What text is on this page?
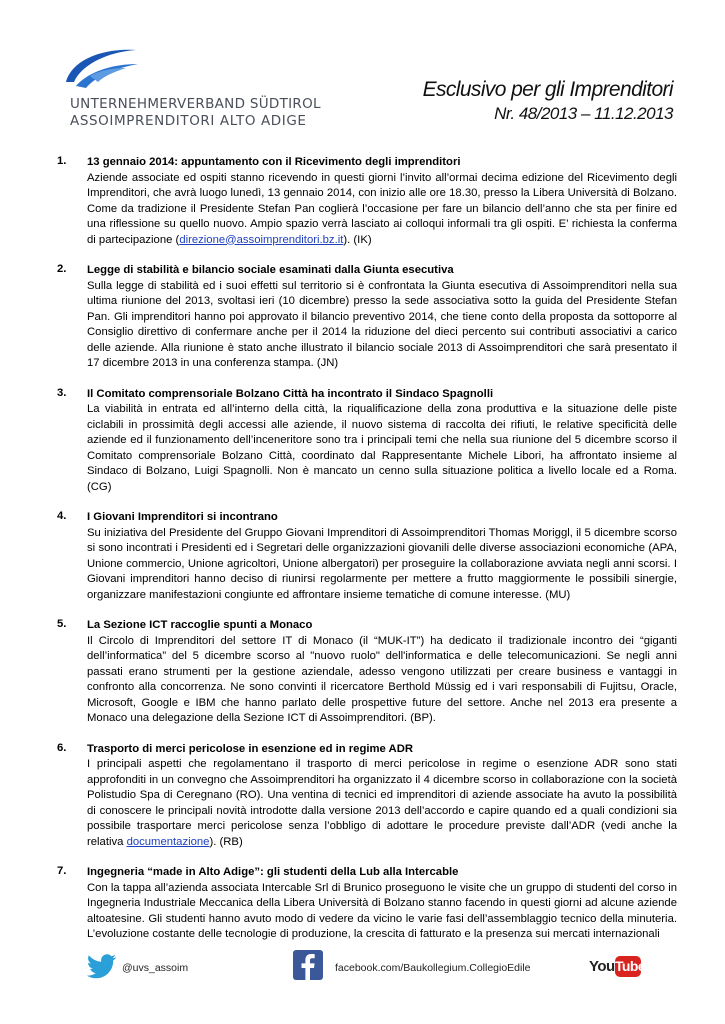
UNTERNEHMERVERBAND SÜDTIROL
ASSOIMPRENDITORI ALTO ADIGE
Esclusivo per gli Imprenditori
Nr. 48/2013 – 11.12.2013
1. 13 gennaio 2014: appuntamento con il Ricevimento degli imprenditori
Aziende associate ed ospiti stanno ricevendo in questi giorni l’invito all’ormai decima edizione del Ricevimento degli Imprenditori, che avrà luogo lunedì, 13 gennaio 2014, con inizio alle ore 18.30, presso la Libera Università di Bolzano. Come da tradizione il Presidente Stefan Pan coglierà l’occasione per fare un bilancio dell’anno che sta per finire ed una riflessione su quello nuovo. Ampio spazio verrà lasciato ai colloqui informali tra gli ospiti. E’ richiesta la conferma di partecipazione (direzione@assoimprenditori.bz.it). (IK)
2. Legge di stabilità e bilancio sociale esaminati dalla Giunta esecutiva
Sulla legge di stabilità ed i suoi effetti sul territorio si è confrontata la Giunta esecutiva di Assoimprenditori nella sua ultima riunione del 2013, svoltasi ieri (10 dicembre) presso la sede associativa sotto la guida del Presidente Stefan Pan. Gli imprenditori hanno poi approvato il bilancio preventivo 2014, che tiene conto della proposta da sottoporre al Consiglio direttivo di confermare anche per il 2014 la riduzione del dieci percento sui contributi associativi a carico delle aziende. Alla riunione è stato anche illustrato il bilancio sociale 2013 di Assoimprenditori che sarà presentato il 17 dicembre 2013 in una conferenza stampa. (JN)
3. Il Comitato comprensoriale Bolzano Città ha incontrato il Sindaco Spagnolli
La viabilità in entrata ed all’interno della città, la riqualificazione della zona produttiva e la situazione delle piste ciclabili in prossimità degli accessi alle aziende, il nuovo sistema di raccolta dei rifiuti, le relative specificità delle aziende ed il funzionamento dell’inceneritore sono tra i principali temi che nella sua riunione del 5 dicembre scorso il Comitato comprensoriale Bolzano Città, coordinato dal Rappresentante Michele Libori, ha affrontato insieme al Sindaco di Bolzano, Luigi Spagnolli. Non è mancato un cenno sulla situazione politica a livello locale ed a Roma. (CG)
4. I Giovani Imprenditori si incontrano
Su iniziativa del Presidente del Gruppo Giovani Imprenditori di Assoimprenditori Thomas Moriggl, il 5 dicembre scorso si sono incontrati i Presidenti ed i Segretari delle organizzazioni giovanili delle diverse associazioni economiche (APA, Unione commercio, Unione agricoltori, Unione albergatori) per proseguire la collaborazione avviata negli anni scorsi. I Giovani imprenditori hanno deciso di riunirsi regolarmente per mettere a frutto maggiormente le possibili sinergie, organizzare manifestazioni congiunte ed affrontare insieme tematiche di comune interesse. (MU)
5. La Sezione ICT raccoglie spunti a Monaco
Il Circolo di Imprenditori del settore IT di Monaco (il “MUK-IT”) ha dedicato il tradizionale incontro dei “giganti dell’informatica” del 5 dicembre scorso al "nuovo ruolo" dell'informatica e delle telecomunicazioni. Se negli anni passati erano strumenti per la gestione aziendale, adesso vengono utilizzati per creare business e vantaggi in confronto alla concorrenza. Ne sono convinti il ricercatore Berthold Müssig ed i vari responsabili di Fujitsu, Oracle, Microsoft, Google e IBM che hanno parlato delle prospettive future del settore. Anche nel 2013 era presente a Monaco una delegazione della Sezione ICT di Assoimprenditori. (BP).
6. Trasporto di merci pericolose in esenzione ed in regime ADR
I principali aspetti che regolamentano il trasporto di merci pericolose in regime o esenzione ADR sono stati approfonditi in un convegno che Assoimprenditori ha organizzato il 4 dicembre scorso in collaborazione con la società Polistudio Spa di Ceregnano (RO). Una ventina di tecnici ed imprenditori di aziende associate ha avuto la possibilità di conoscere le principali novità introdotte dalla versione 2013 dell’accordo e capire quando ed a quali condizioni sia possibile trasportare merci pericolose senza l’obbligo di adottare le procedure previste dall’ADR (vedi anche la relativa documentazione). (RB)
7. Ingegneria “made in Alto Adige”: gli studenti della Lub alla Intercable
Con la tappa all’azienda associata Intercable Srl di Brunico proseguono le visite che un gruppo di studenti del corso in Ingegneria Industriale Meccanica della Libera Università di Bolzano stanno facendo in questi giorni ad alcune aziende altoatesine. Gli studenti hanno avuto modo di vedere da vicino le varie fasi dell’assemblaggio tecnico della minuteria. L’evoluzione costante delle tecnologie di produzione, la crescita di fatturato e la presenza sui mercati internazionali
@uvs_assoim	facebook.com/Baukollegium.CollegioEdile	You Tube
